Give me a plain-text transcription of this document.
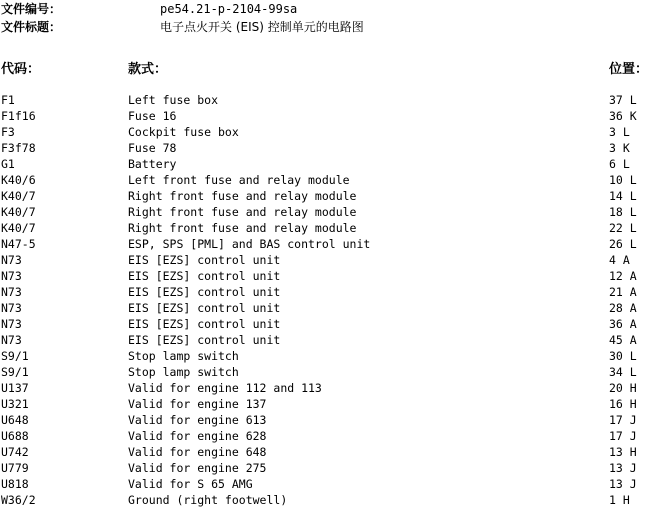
文件编号：	pe54.21-p-2104-99sa
文件标题：	电子点火开关 (EIS) 控制单元的电路图
代码：	款式：	位置：
F1	Left fuse box	37 L
F1f16	Fuse 16	36 K
F3	Cockpit fuse box	3 L
F3f78	Fuse 78	3 K
G1	Battery	6 L
K40/6	Left front fuse and relay module	10 L
K40/7	Right front fuse and relay module	14 L
K40/7	Right front fuse and relay module	18 L
K40/7	Right front fuse and relay module	22 L
N47-5	ESP, SPS [PML] and BAS control unit	26 L
N73	EIS [EZS] control unit	4 A
N73	EIS [EZS] control unit	12 A
N73	EIS [EZS] control unit	21 A
N73	EIS [EZS] control unit	28 A
N73	EIS [EZS] control unit	36 A
N73	EIS [EZS] control unit	45 A
S9/1	Stop lamp switch	30 L
S9/1	Stop lamp switch	34 L
U137	Valid for engine 112 and 113	20 H
U321	Valid for engine 137	16 H
U648	Valid for engine 613	17 J
U688	Valid for engine 628	17 J
U742	Valid for engine 648	13 H
U779	Valid for engine 275	13 J
U818	Valid for S 65 AMG	13 J
W36/2	Ground (right footwell)	1 H
